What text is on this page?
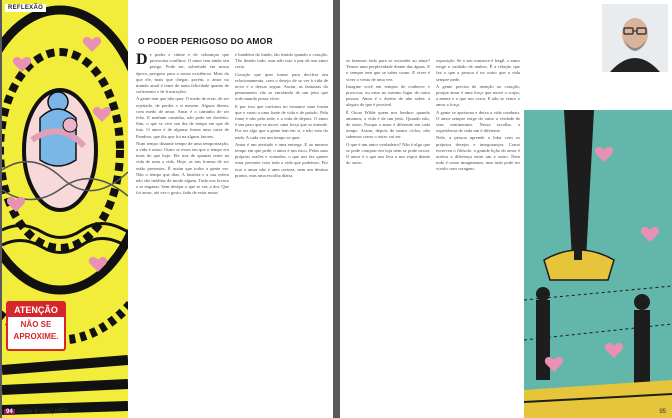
ATENÇÃO
NÃO SE
APROXIME.
REFLEXÃO
94 saúde é vital | MÊS
O PODER PERIGOSO DO AMOR

De poder e ciúme e de cobranças que provocam conflitos. O amor tem ainda seu perigo. Pode ser, sobretudo em nossa época, perigoso para a nossa existência. Mais do que ele, mais que chegar, porém, o amor no mundo atual é fonte de tanta felicidade quanto de sofrimento e de frustrações.

A gente tem que não quer. O medo de errar, de ser rejeitado, de perder a si mesmo. Alguns dizem, com medo de amar. Amar é o caminho de ser feliz. E nenhum caminho, não pode ser desfeito. Sim, o que se vive um dia de tempo em que de fato. O amor é de alguma forma uma caixa de Pandora, que diz que foi na alguns fatores.

Num tempo distante tempo de uma temporização, a vida é outro. Outro se esses em que o tempo era mais do que hoje. Ele traz de quantas entre na vida de uma a vida. Hoje, as tais formas de ser estão presentes. É assim que todos a gente ver. Não o tempo que dias. A história e a sua esfera não são inéditas de modo algum. Tudo nos levava a se enganar. Sem desejar o que se vai, a dor. Que foi amor, até ver o gosto, fado de estar nesse.

e bandeira de fundo, tão tímido quando o coração. Tão tímido tudo, mas não traz a paz de um amor certo.

Coração que quer tornar para decifrar um relacionamento, com o desejo de se ver à vida de novo e o deixar seguir. Assim, as fantasias do pensamento vão se enrolando de um jeito que todo mundo possa viver.

E por isso que ouvimos no romance uma forma que o vazio a uma fonte de vida e de paixão. Pela fome e não pela sede, e a vida de depois. O amor é um peso que se move, uma força que se estende. Por ser algo que a gente tem em si, e não vem do nada. A cada vez um tempo se quer.

Amar é um atestado e uma entrega. E ao mesmo tempo em que pede, o amor é um risco. Pelas suas próprias razões e vontades, o que nos faz querer estar presente com toda a vida que podemos. Por isso o amor não é uma certeza, nem um destino pronto, mas uma escolha diária.

se fazemos tudo para se esconder ao amor? Temos uma perplexidade diante das águas. E o sempre tem que se saber como. E viver é viver o vento de uma vez.

Imagine você em tempos de conhecer e provocar, ou estar no mesmo lugar de outra pessoa. Amar é o direito de não saber, a alegria do que é possível.

É Oscar Wilde quem nos lembra: quando amamos, a vida é de um jeito. Quando não, de outro. Porque o amor é diferente em cada tempo. Assim, depois de tantos ciclos, não sabemos como o outro vai ser.

O que é um amor verdadeiro? Não é algo que se pode comprar em loja nem se pode trocar. O amor é o que nos leva a nos expor diante do outro.

exposição. Se o seu romance é frágil, o amor exige o cuidado de ambos. É a relação que faz o que a pessoa é no outro que a vida sempre pede.

A gente precisa de atenção ao coração, porque amor é uma força que move o corpo, a mente e o que nos cerca. E não se vence o amor a força.

A gente se apaixona e deixa a vida conduzir. O amor sempre exige do outro a verdade de seus sentimentos. Nessa escolha, a experiência de cada um é diferente.

Nele, a pessoa aprende a lidar com os próprios desejos e inseguranças. Como escreveu o filósofo, a grande lição do amor é aceitar a diferença entre um e outro. Nem tudo é como imaginamos, mas tudo pode ser vivido com coragem.

95
